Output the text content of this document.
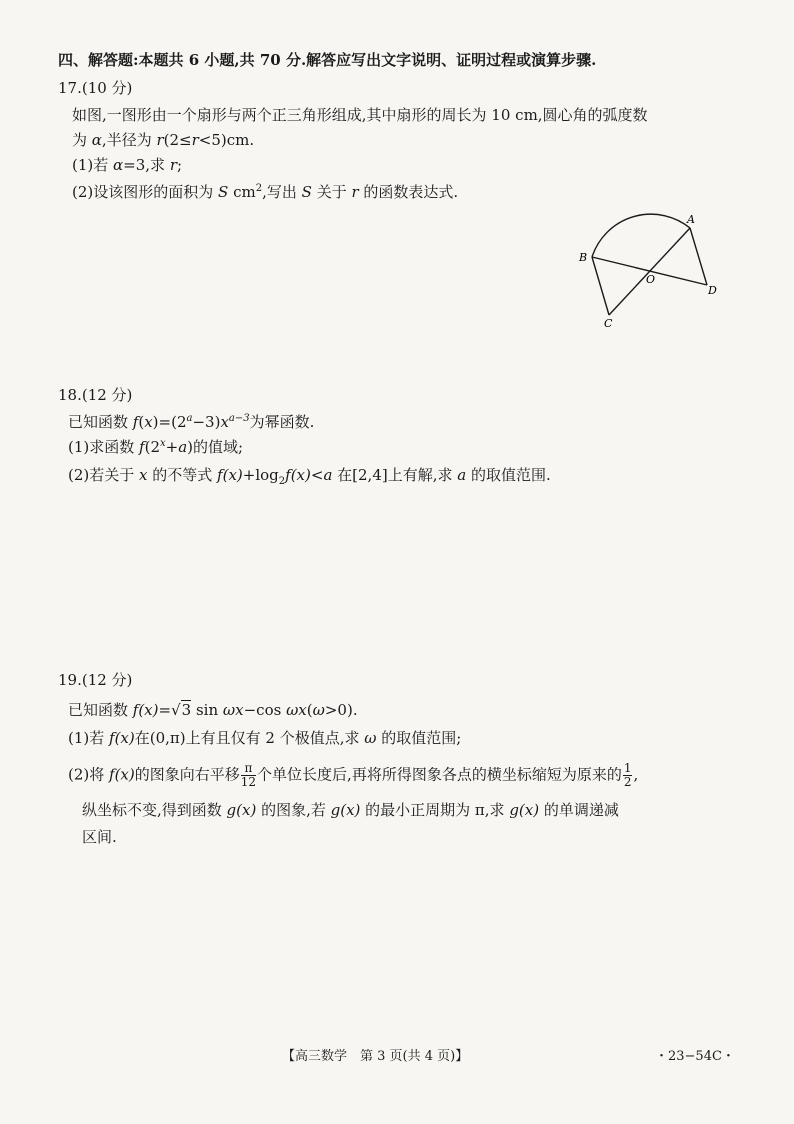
四、解答题:本题共 6 小题,共 70 分.解答应写出文字说明、证明过程或演算步骤.
17.(10 分)
如图,一图形由一个扇形与两个正三角形组成,其中扇形的周长为 10 cm,圆心角的弧度数
为 α,半径为 r(2≤r<5)cm.
(1)若 α=3,求 r;
(2)设该图形的面积为 S $cm^2$,写出 S 关于 r 的函数表达式.
A
B
C
D
O
18.(12 分)
已知函数 $f(x)=(2^a-3)x^{a-3}$为幂函数.
(1)求函数 $f(2^x+a)$的值域;
(2)若关于 x 的不等式 $f(x)+\log_2f(x)<a$ 在[2,4]上有解,求 a 的取值范围.
19.(12 分)
已知函数 f(x)=√3 sin ωx−cos ωx(ω>0).
(1)若 f(x)在(0,π)上有且仅有 2 个极值点,求 ω 的取值范围;
(2)将 f(x)的图象向右平移 $\frac{\pi}{12}$ 个单位长度后,再将所得图象各点的横坐标缩短为原来的 $\frac{1}{2}$ ,
纵坐标不变,得到函数 g(x) 的图象,若 g(x) 的最小正周期为 π,求 g(x) 的单调递减
区间.
【高三数学　第 3 页(共 4 页)】	・23−54C・
